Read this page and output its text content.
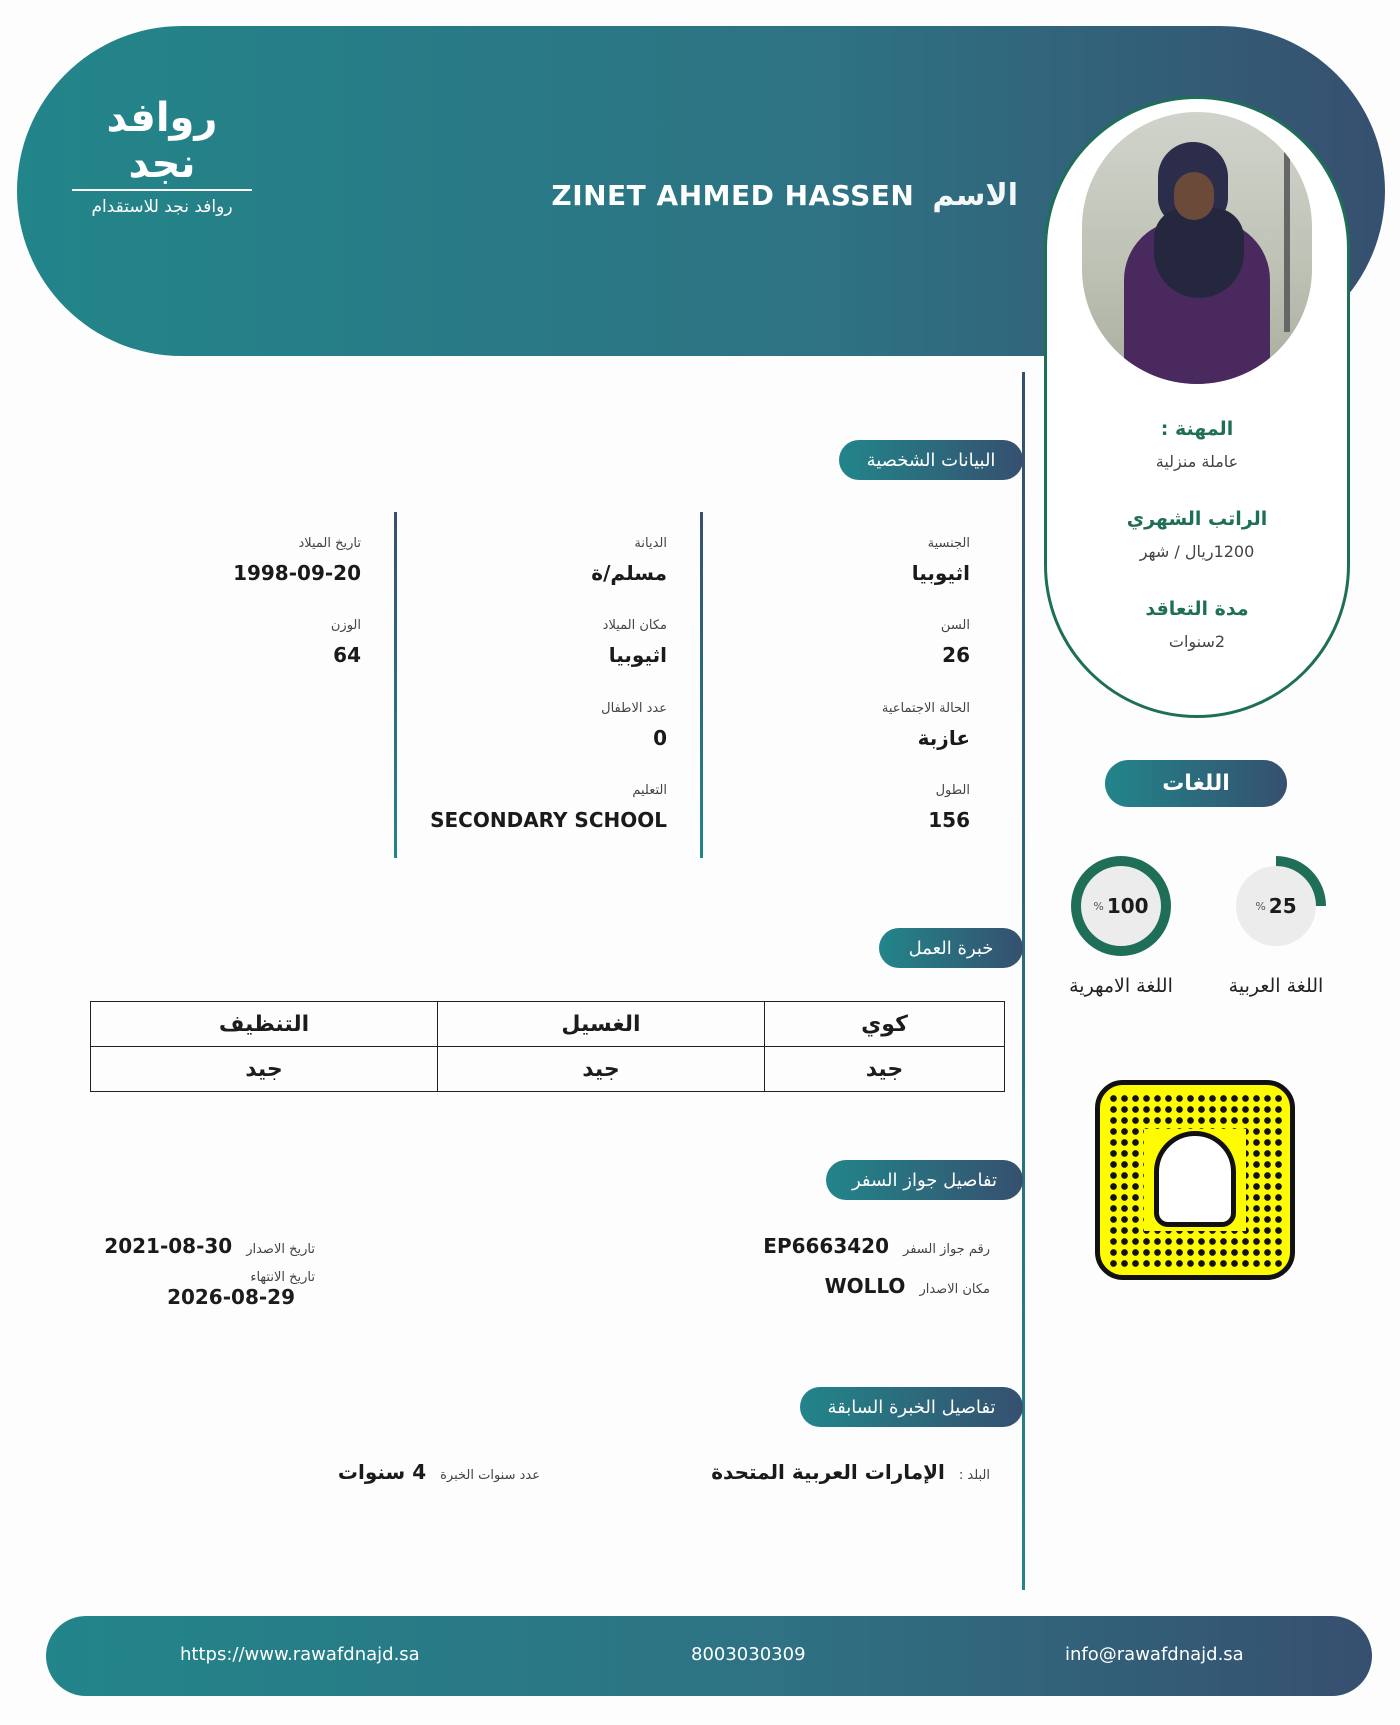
روافد نجد
روافد نجد للاستقدام	الاسم
ZINET AHMED HASSEN
المهنة :
عاملة منزلية
الراتب الشهري
1200ريال / شهر
مدة التعاقد
2سنوات
اللغات
% 25
% 100
اللغة العربية
اللغة الامهرية
البيانات الشخصية
خبرة العمل
تفاصيل جواز السفر
تفاصيل الخبرة السابقة
الجنسية
اثيوبيا
السن
26
الحالة الاجتماعية
عازبة
الطول
156
الديانة
مسلم/ة
مكان الميلاد
اثيوبيا
عدد الاطفال
0
التعليم
SECONDARY SCHOOL
تاريخ الميلاد
1998-09-20
الوزن
64
التنظيف	الغسيل	كوي
جيد	جيد	جيد
رقم جواز السفر
EP6663420
مكان الاصدار
WOLLO
تاريخ الاصدار
2021-08-30
تاريخ الانتهاء
2026-08-29
البلد :
الإمارات العربية المتحدة
عدد سنوات الخبرة
4 سنوات
https://www.rawafdnajd.sa	8003030309	info@rawafdnajd.sa
